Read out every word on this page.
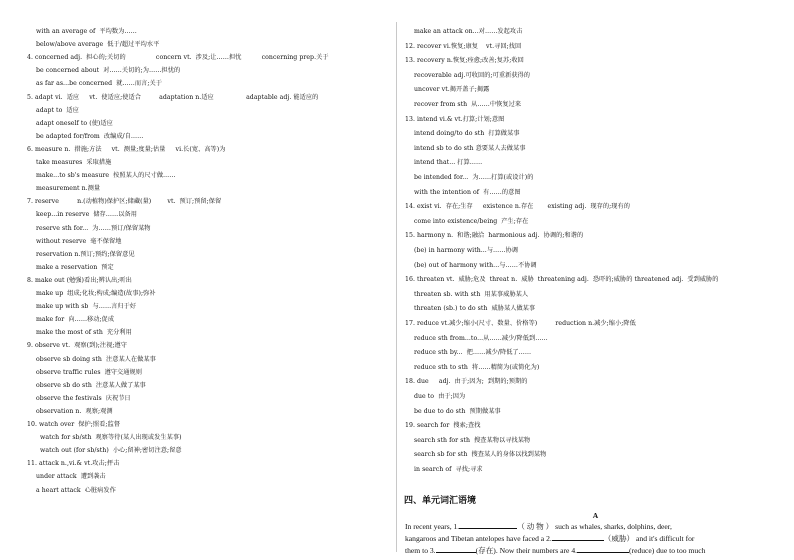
with an average of  平均数为……
below/above average  低于/超过平均水平
4. concerned adj.  担心的;关切的               concern vt.  涉及;让……担忧          concerning prep.关于
be concerned about  对……关切的;为……担忧的
as far as...be concerned  就……而言;关于
5. adapt vi.  适应     vt.  使适应;使适合         adaptation n.适应                adaptable adj. 能适应的
adapt to  适应
adapt oneself to (使)适应
be adapted for/from  改编成/自……
6. measure n.  措施;方法     vt.  测量;度量;估量     vi.长(宽、高等)为
take measures  采取措施
make...to sb's measure  按照某人的尺寸做……
measurement n.测量
7. reserve         n.(动植物)保护区;储藏(量)        vt.  预订;预留;保留
keep...in reserve  储存……以备用
reserve sth for...  为……预订/保留某物
without reserve  毫不保留地
reservation n.预订;预约;保留意见
make a reservation  预定
8. make out (勉强)看出;辨认出;听出
make up  组成;化妆;构成;编造(故事);弥补
make up with sb  与……言归于好
make for  向……移动;促成
make the most of sth  充分利用
9. observe vt.  观察(到);注视;遵守
observe sb doing sth  注意某人在做某事
observe traffic rules  遵守交通规则
observe sb do sth  注意某人做了某事
observe the festivals  庆祝节日
observation n.  观察;观测
10. watch over  保护;照看;监督
watch for sb/sth  观察等待(某人出现或发生某事)
watch out (for sb/sth)  小心;留神;密切注意;留意
11. attack n.,vi.& vt.攻击;抨击
under attack  遭到袭击
a heart attack  心脏病发作
make an attack on...对……发起攻击
12. recover vi.恢复;康复    vt.寻回;找回
13. recovery n.恢复;痊愈;改善;复苏;收回
recoverable adj.可收回的;可重新获得的
uncover vt.揭开盖子;揭露
recover from sth  从……中恢复过来
13. intend vi.& vt.打算;计划;意图
intend doing/to do sth  打算做某事
intend sb to do sth 意要某人去做某事
intend that... 打算……
be intended for...  为……打算(或设计)的
with the intention of  有……的意图
14. exist vi.  存在;生存     existence n.存在       existing adj.  现存的;现有的
come into existence/being  产生;存在
15. harmony n.  和谐;融洽  harmonious adj.  协调的;和谐的
(be) in harmony with...与……协调
(be) out of harmony with...与……不协调
16. threaten vt.  威胁;危及  threat n.  威胁  threatening adj.  恐吓的;威胁的 threatened adj.  受到威胁的
threaten sb. with sth  用某事威胁某人
threaten (sb.) to do sth  威胁某人做某事
17. reduce vt.减少;缩小(尺寸、数量、价格等)         reduction n.减少;缩小;降低
reduce sth from...to...从……减少/降低到……
reduce sth by...  把……减少/降低了……
reduce sth to sth  将……精简为(或简化为)
18. due     adj.  由于;因为;  到期的;预期的
due to  由于;因为
be due to do sth  预期做某事
19. search for  搜索;查找
search sth for sth  搜查某物以寻找某物
search sb for sth  搜查某人的身体以找到某物
in search of  寻找;寻求
四、单元词汇语境
A
In recent years, 1.	（ 动 物 ） such as whales, sharks, dolphins, deer,
kangaroos and Tibetan antelopes have faced a 2.	（威胁） and it's difficult for
them to 3.	(存在). Now their numbers are 4.	(reduce) due to too much
